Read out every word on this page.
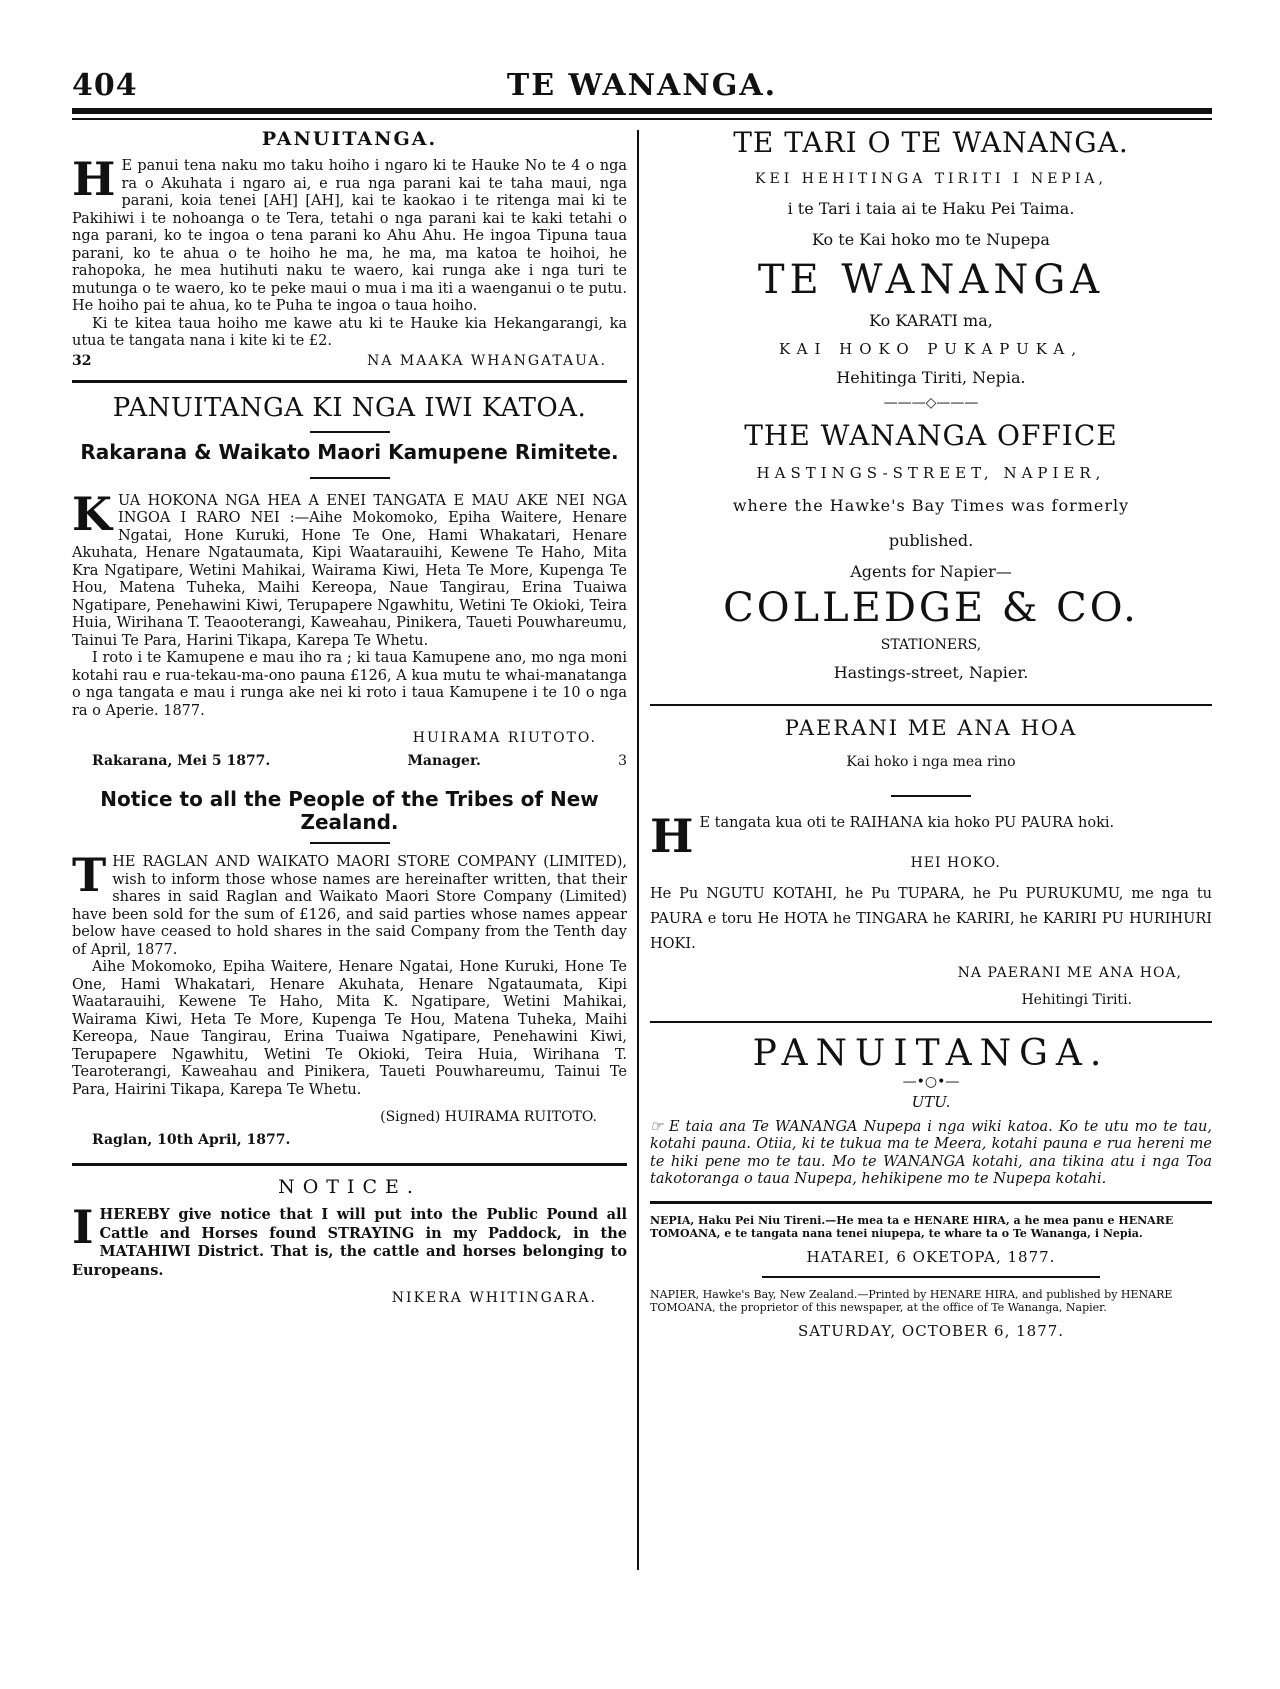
404	TE WANANGA.
PANUITANGA.

H E panui tena naku mo taku hoiho i ngaro ki te Hauke No te 4 o nga ra o Akuhata i ngaro ai, e rua nga parani kai te taha maui, nga parani, koia tenei [AH] [AH], kai te kaokao i te ritenga mai ki te Pakihiwi i te nohoanga o te Tera, tetahi o nga parani kai te kaki tetahi o nga parani, ko te ingoa o tena parani ko Ahu Ahu. He ingoa Tipuna taua parani, ko te ahua o te hoiho he ma, he ma, ma katoa te hoihoi, he rahopoka, he mea hutihuti naku te waero, kai runga ake i nga turi te mutunga o te waero, ko te peke maui o mua i ma iti a waenganui o te putu. He hoiho pai te ahua, ko te Puha te ingoa o taua hoiho.

Ki te kitea taua hoiho me kawe atu ki te Hauke kia Hekangarangi, ka utua te tangata nana i kite ki te £2.

32	NA MAAKA WHANGATAUA.
PANUITANGA KI NGA IWI KATOA.
Rakarana & Waikato Maori Kamupene Rimitete.

KUA HOKONA NGA HEA A ENEI TANGATA E MAU AKE NEI NGA INGOA I RARO NEI :—Aihe Mokomoko, Epiha Waitere, Henare Ngatai, Hone Kuruki, Hone Te One, Hami Whakatari, Henare Akuhata, Henare Ngataumata, Kipi Waatarauihi, Kewene Te Haho, Mita Kra Ngatipare, Wetini Mahikai, Wairama Kiwi, Heta Te More, Kupenga Te Hou, Matena Tuheka, Maihi Kereopa, Naue Tangirau, Erina Tuaiwa Ngatipare, Penehawini Kiwi, Terupapere Ngawhitu, Wetini Te Okioki, Teira Huia, Wirihana T. Teaooterangi, Kaweahau, Pinikera, Taueti Pouwhareumu, Tainui Te Para, Harini Tikapa, Karepa Te Whetu.

I roto i te Kamupene e mau iho ra ; ki taua Kamupene ano, mo nga moni kotahi rau e rua-tekau-ma-ono pauna £126, A kua mutu te whai-manatanga o nga tangata e mau i runga ake nei ki roto i taua Kamupene i te 10 o nga ra o Aperie. 1877.

HUIRAMA RIUTOTO.
Rakarana, Mei 5 1877.	Manager.	3
Notice to all the People of the Tribes of New Zealand.

THE RAGLAN AND WAIKATO MAORI STORE COMPANY (LIMITED), wish to inform those whose names are hereinafter written, that their shares in said Raglan and Waikato Maori Store Company (Limited) have been sold for the sum of £126, and said parties whose names appear below have ceased to hold shares in the said Company from the Tenth day of April, 1877.

Aihe Mokomoko, Epiha Waitere, Henare Ngatai, Hone Kuruki, Hone Te One, Hami Whakatari, Henare Akuhata, Henare Ngataumata, Kipi Waatarauihi, Kewene Te Haho, Mita K. Ngatipare, Wetini Mahikai, Wairama Kiwi, Heta Te More, Kupenga Te Hou, Matena Tuheka, Maihi Kereopa, Naue Tangirau, Erina Tuaiwa Ngatipare, Penehawini Kiwi, Terupapere Ngawhitu, Wetini Te Okioki, Teira Huia, Wirihana T. Tearoterangi, Kaweahau and Pinikera, Taueti Pouwhareumu, Tainui Te Para, Hairini Tikapa, Karepa Te Whetu.

(Signed) HUIRAMA RUITOTO.
Raglan, 10th April, 1877.
NOTICE.

IHEREBY give notice that I will put into the Public Pound all Cattle and Horses found STRAYING in my Paddock, in the MATAHIWI District. That is, the cattle and horses belonging to Europeans.

NIKERA WHITINGARA.
TE TARI O TE WANANGA.
KEI HEHITINGA TIRITI I NEPIA,
i te Tari i taia ai te Haku Pei Taima.
Ko te Kai hoko mo te Nupepa
TE WANANGA
Ko KARATI ma,
KAI HOKO PUKAPUKA,
Hehitinga Tiriti, Nepia.
———◇———
THE WANANGA OFFICE
HASTINGS-STREET, NAPIER,
where the Hawke's Bay Times was formerly
published.
Agents for Napier—
COLLEDGE & CO.
STATIONERS,
Hastings-street, Napier.
PAERANI ME ANA HOA
Kai hoko i nga mea rino

H E tangata kua oti te RAIHANA kia hoko PU PAURA hoki.

HEI HOKO.

He Pu NGUTU KOTAHI, he Pu TUPARA, he Pu PURUKUMU, me nga tu PAURA e toru He HOTA he TINGARA he KARIRI, he KARIRI PU HURIHURI HOKI.

NA PAERANI ME ANA HOA,
Hehitingi Tiriti.
PANUITANGA.
—•○•—
UTU.

☞ E taia ana Te WANANGA Nupepa i nga wiki katoa. Ko te utu mo te tau, kotahi pauna. Otiia, ki te tukua ma te Meera, kotahi pauna e rua hereni me te hiki pene mo te tau. Mo te WANANGA kotahi, ana tikina atu i nga Toa takotoranga o taua Nupepa, hehikipene mo te Nupepa kotahi.

NEPIA, Haku Pei Niu Tireni.—He mea ta e HENARE HIRA, a he mea panu e HENARE TOMOANA, e te tangata nana tenei niupepa, te whare ta o Te Wananga, i Nepia.

HATAREI, 6 OKETOPA, 1877.

NAPIER, Hawke's Bay, New Zealand.—Printed by HENARE HIRA, and published by HENARE TOMOANA, the proprietor of this newspaper, at the office of Te Wananga, Napier.

SATURDAY, OCTOBER 6, 1877.
